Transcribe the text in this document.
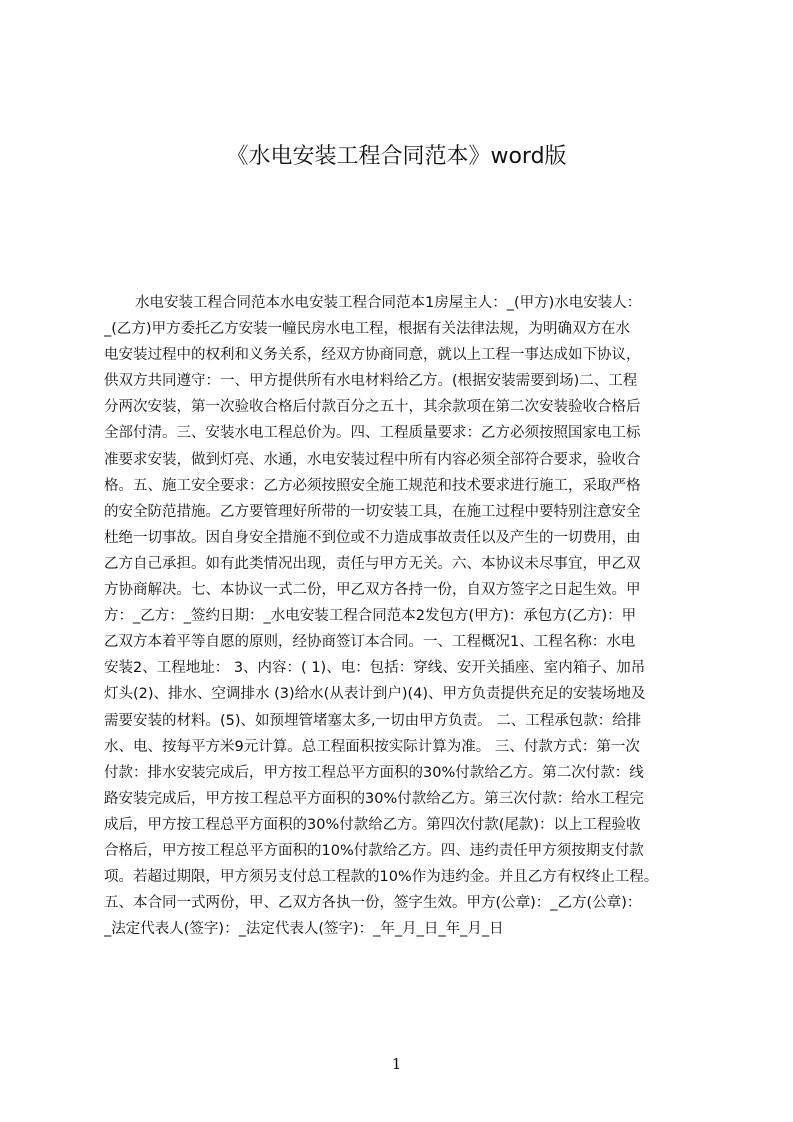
《水电安装工程合同范本》word版
水电安装工程合同范本水电安装工程合同范本1房屋主人：_(甲方)水电安装人：
_(乙方)甲方委托乙方安装一幢民房水电工程，根据有关法律法规，为明确双方在水
电安装过程中的权利和义务关系，经双方协商同意，就以上工程一事达成如下协议，
供双方共同遵守：一、甲方提供所有水电材料给乙方。(根据安装需要到场)二、工程
分两次安装，第一次验收合格后付款百分之五十，其余款项在第二次安装验收合格后
全部付清。三、安装水电工程总价为。四、工程质量要求：乙方必须按照国家电工标
准要求安装，做到灯亮、水通，水电安装过程中所有内容必须全部符合要求，验收合
格。五、施工安全要求：乙方必须按照安全施工规范和技术要求进行施工，采取严格
的安全防范措施。乙方要管理好所带的一切安装工具，在施工过程中要特别注意安全
杜绝一切事故。因自身安全措施不到位或不力造成事故责任以及产生的一切费用，由
乙方自己承担。如有此类情况出现，责任与甲方无关。六、本协议未尽事宜，甲乙双
方协商解决。七、本协议一式二份，甲乙双方各持一份，自双方签字之日起生效。甲
方：_乙方：_签约日期：_水电安装工程合同范本2发包方(甲方)：承包方(乙方)：甲
乙双方本着平等自愿的原则，经协商签订本合同。一、工程概况1、工程名称：水电
安装2、工程地址： 3、内容：( 1)、电：包括：穿线、安开关插座、室内箱子、加吊
灯头(2)、排水、空调排水 (3)给水(从表计到户)(4)、甲方负责提供充足的安装场地及
需要安装的材料。(5)、如预埋管堵塞太多,一切由甲方负责。 二、工程承包款：给排
水、电、按每平方米9元计算。总工程面积按实际计算为准。 三、付款方式：第一次
付款：排水安装完成后，甲方按工程总平方面积的30%付款给乙方。第二次付款：线
路安装完成后，甲方按工程总平方面积的30%付款给乙方。第三次付款：给水工程完
成后，甲方按工程总平方面积的30%付款给乙方。第四次付款(尾款)：以上工程验收
合格后，甲方按工程总平方面积的10%付款给乙方。四、违约责任甲方须按期支付款
项。若超过期限，甲方须另支付总工程款的10%作为违约金。并且乙方有权终止工程。
五、本合同一式两份，甲、乙双方各执一份，签字生效。甲方(公章)：_乙方(公章)：
_法定代表人(签字)：_法定代表人(签字)：_年_月_日_年_月_日
1
